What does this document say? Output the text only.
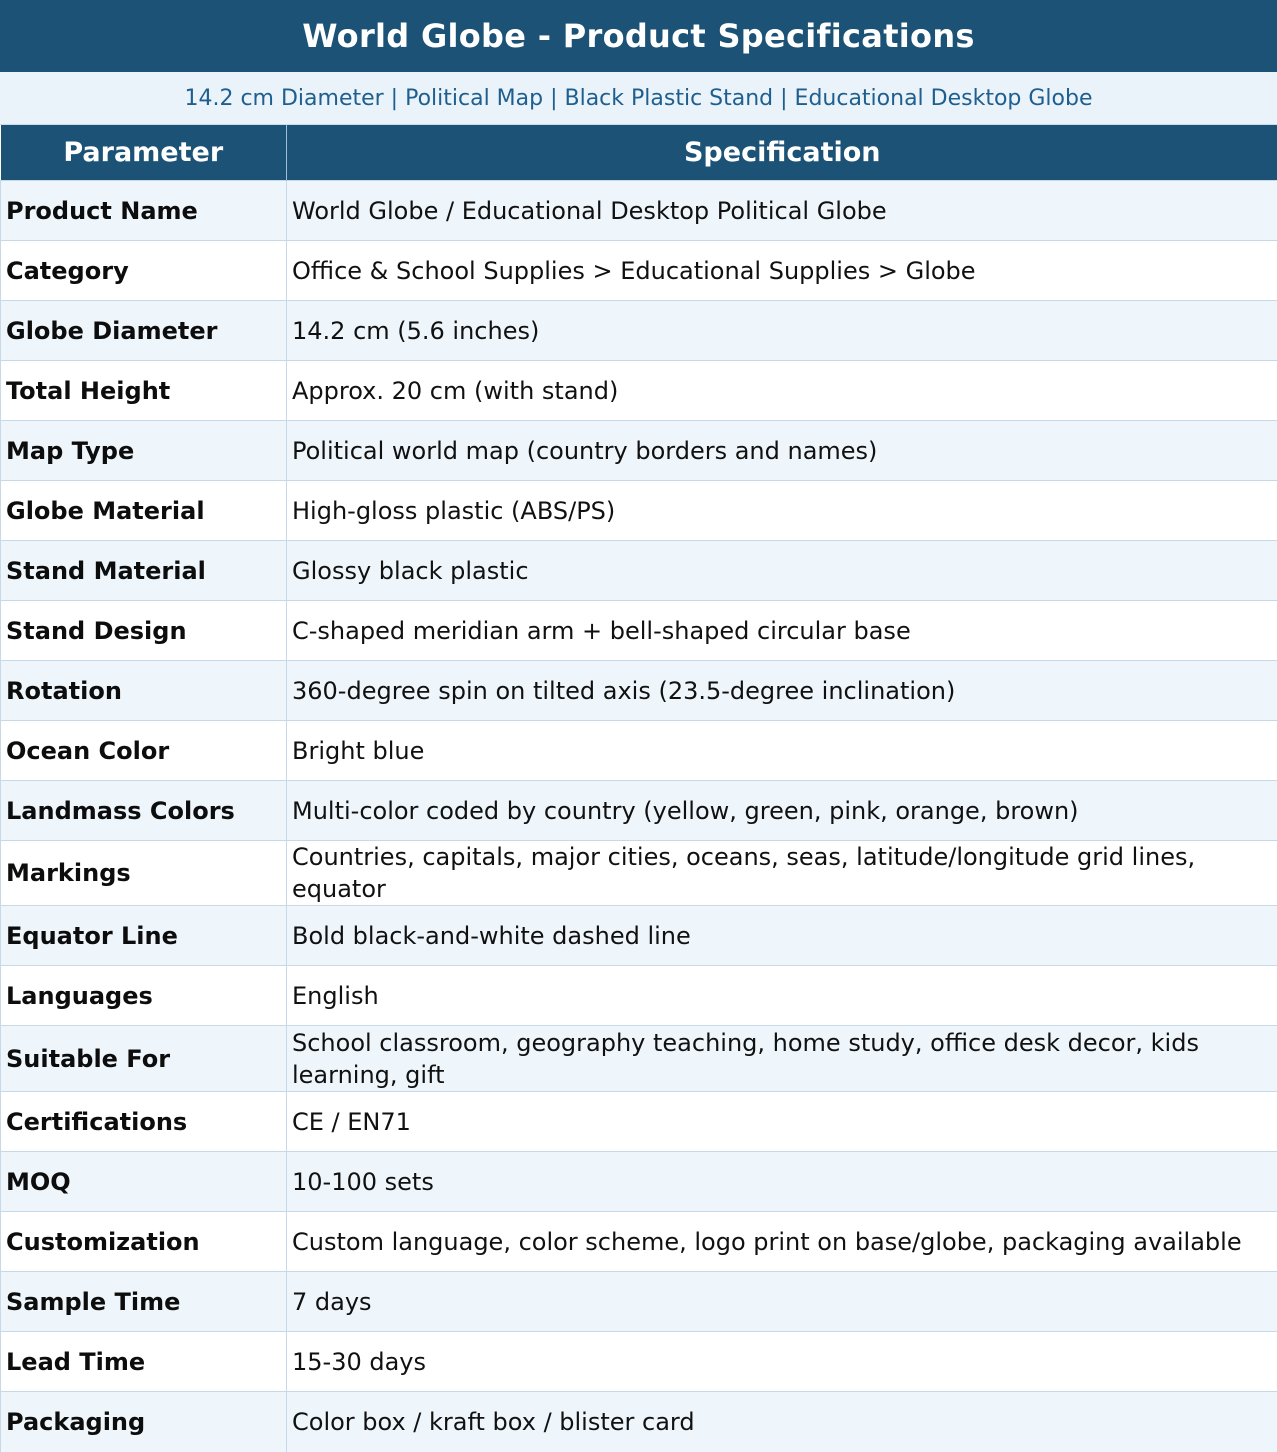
World Globe - Product Specifications
14.2 cm Diameter | Political Map | Black Plastic Stand | Educational Desktop Globe
Parameter	Specification
Product Name	World Globe / Educational Desktop Political Globe
Category	Office & School Supplies > Educational Supplies > Globe
Globe Diameter	14.2 cm (5.6 inches)
Total Height	Approx. 20 cm (with stand)
Map Type	Political world map (country borders and names)
Globe Material	High-gloss plastic (ABS/PS)
Stand Material	Glossy black plastic
Stand Design	C-shaped meridian arm + bell-shaped circular base
Rotation	360-degree spin on tilted axis (23.5-degree inclination)
Ocean Color	Bright blue
Landmass Colors	Multi-color coded by country (yellow, green, pink, orange, brown)
Markings	Countries, capitals, major cities, oceans, seas, latitude/longitude grid lines, equator
Equator Line	Bold black-and-white dashed line
Languages	English
Suitable For	School classroom, geography teaching, home study, office desk decor, kids learning, gift
Certifications	CE / EN71
MOQ	10-100 sets
Customization	Custom language, color scheme, logo print on base/globe, packaging available
Sample Time	7 days
Lead Time	15-30 days
Packaging	Color box / kraft box / blister card
